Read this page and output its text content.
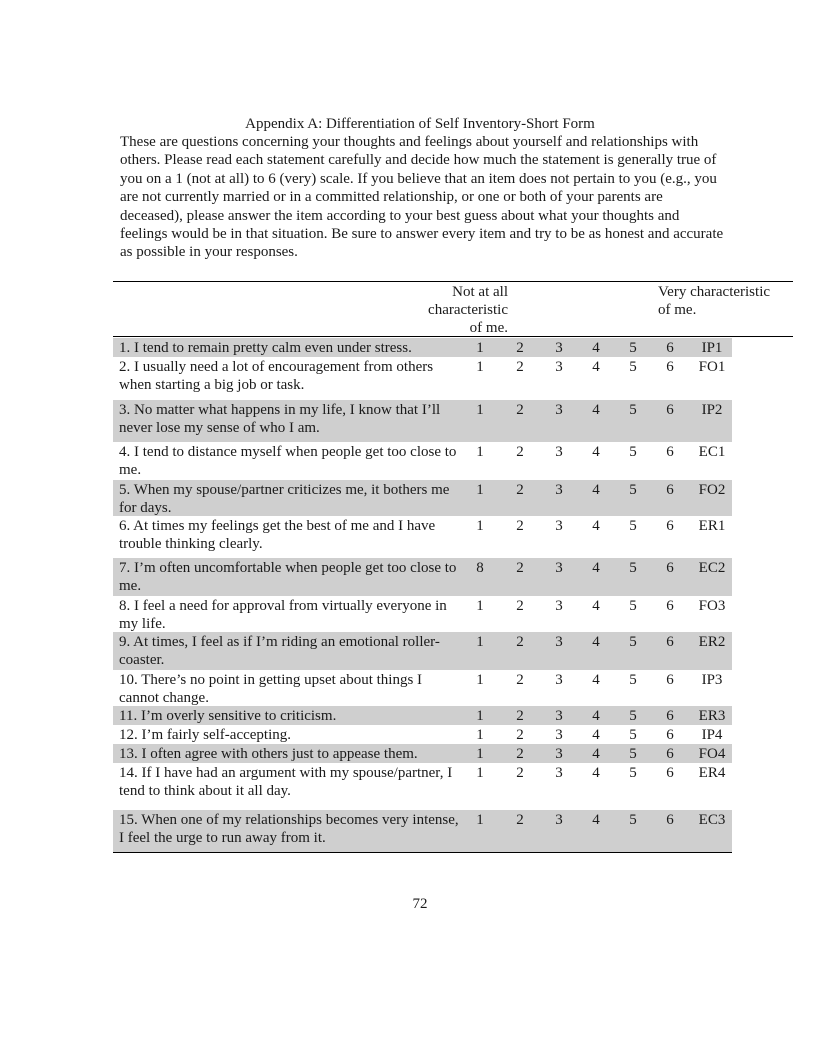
Appendix A: Differentiation of Self Inventory-Short Form

These are questions concerning your thoughts and feelings about yourself and relationships with others. Please read each statement carefully and decide how much the statement is generally true of you on a 1 (not at all) to 6 (very) scale. If you believe that an item does not pertain to you (e.g., you are not currently married or in a committed relationship, or one or both of your parents are deceased), please answer the item according to your best guess about what your thoughts and feelings would be in that situation. Be sure to answer every item and try to be as honest and accurate as possible in your responses.

Not at all
characteristic
of me.
Very characteristic
of me.
1. I tend to remain pretty calm even under stress.	1	2	3	4	5	6	IP1
2. I usually need a lot of encouragement from others when starting a big job or task.
1	2	3	4	5	6	FO1
3. No matter what happens in my life, I know that I’ll never lose my sense of who I am.
1	2	3	4	5	6	IP2
4. I tend to distance myself when people get too close to me.
1	2	3	4	5	6	EC1
5. When my spouse/partner criticizes me, it bothers me for days.
1	2	3	4	5	6	FO2
6. At times my feelings get the best of me and I have trouble thinking clearly.
1	2	3	4	5	6	ER1
7. I’m often uncomfortable when people get too close to me.
8	2	3	4	5	6	EC2
8. I feel a need for approval from virtually everyone in my life.
1	2	3	4	5	6	FO3
9. At times, I feel as if I’m riding an emotional roller-coaster.
1	2	3	4	5	6	ER2
10. There’s no point in getting upset about things I cannot change.
1	2	3	4	5	6	IP3
11. I’m overly sensitive to criticism.	1	2	3	4	5	6	ER3
12. I’m fairly self-accepting.	1	2	3	4	5	6	IP4
13. I often agree with others just to appease them.	1	2	3	4	5	6	FO4
14. If I have had an argument with my spouse/partner, I tend to think about it all day.
1	2	3	4	5	6	ER4
15. When one of my relationships becomes very intense, I feel the urge to run away from it.
1	2	3	4	5	6	EC3
72
